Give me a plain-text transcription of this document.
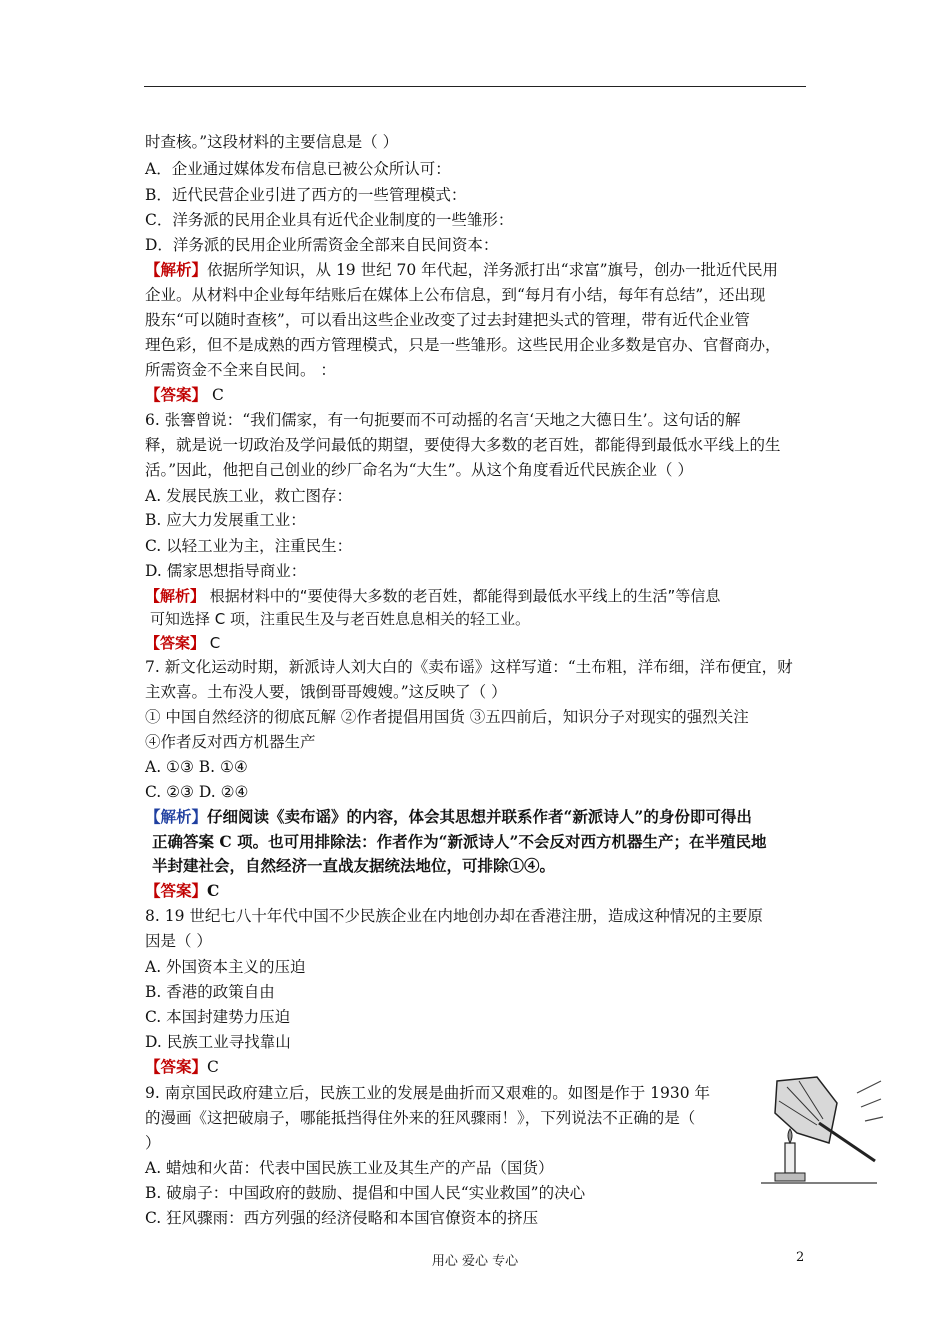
时查核。”这段材料的主要信息是（ ）
A．企业通过媒体发布信息已被公众所认可：
B．近代民营企业引进了西方的一些管理模式：
C．洋务派的民用企业具有近代企业制度的一些雏形：
D．洋务派的民用企业所需资金全部来自民间资本：
【解析】依据所学知识，从 19 世纪 70 年代起，洋务派打出“求富”旗号，创办一批近代民用
企业。从材料中企业每年结账后在媒体上公布信息，到“每月有小结，每年有总结”，还出现
股东“可以随时查核”，可以看出这些企业改变了过去封建把头式的管理，带有近代企业管
理色彩，但不是成熟的西方管理模式，只是一些雏形。这些民用企业多数是官办、官督商办，
所需资金不全来自民间。 ：
【答案】 C
6. 张謇曾说：“我们儒家，有一句扼要而不可动摇的名言‘天地之大德日生’。这句话的解
释，就是说一切政治及学问最低的期望，要使得大多数的老百姓，都能得到最低水平线上的生
活。”因此，他把自己创业的纱厂命名为“大生”。从这个角度看近代民族企业（ ）
A. 发展民族工业，救亡图存：
B. 应大力发展重工业：
C. 以轻工业为主，注重民生：
D. 儒家思想指导商业：
【解析】 根据材料中的“要使得大多数的老百姓，都能得到最低水平线上的生活”等信息
可知选择 C 项，注重民生及与老百姓息息相关的轻工业。
【答案】 C
7. 新文化运动时期，新派诗人刘大白的《卖布谣》这样写道：“土布粗，洋布细，洋布便宜，财
主欢喜。土布没人要，饿倒哥哥嫂嫂。”这反映了（ ）
① 中国自然经济的彻底瓦解 ②作者提倡用国货 ③五四前后，知识分子对现实的强烈关注
④作者反对西方机器生产
A. ①③ B. ①④
C. ②③ D. ②④
【解析】仔细阅读《卖布谣》的内容，体会其思想并联系作者“新派诗人”的身份即可得出
正确答案 C 项。也可用排除法：作者作为“新派诗人”不会反对西方机器生产；在半殖民地
半封建社会，自然经济一直战友据统法地位，可排除①④。
【答案】C
8. 19 世纪七八十年代中国不少民族企业在内地创办却在香港注册，造成这种情况的主要原
因是（ ）
A. 外国资本主义的压迫
B. 香港的政策自由
C. 本国封建势力压迫
D. 民族工业寻找靠山
【答案】C
9. 南京国民政府建立后，民族工业的发展是曲折而又艰难的。如图是作于 1930 年
的漫画《这把破扇子，哪能抵挡得住外来的狂风骤雨！》，下列说法不正确的是（
）
A. 蜡烛和火苗：代表中国民族工业及其生产的产品（国货）
B. 破扇子：中国政府的鼓励、提倡和中国人民“实业救国”的决心
C. 狂风骤雨：西方列强的经济侵略和本国官僚资本的挤压
用心 爱心 专心	2
